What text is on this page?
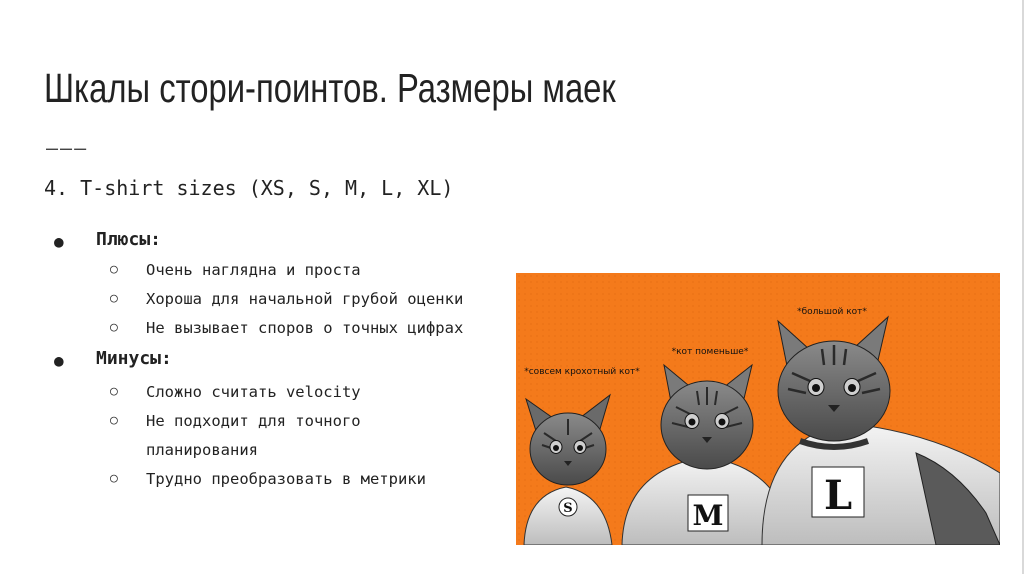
Шкалы стори-поинтов. Размеры маек
———
4. T-shirt sizes (XS, S, M, L, XL)
● Плюсы:
○ Очень наглядна и проста
○ Хороша для начальной грубой оценки
○ Не вызывает споров о точных цифрах
● Минусы:
○ Сложно считать velocity
○ Не подходит для точного
планирования
○ Трудно преобразовать в метрики
*совсем крохотный кот*
*кот поменьше*
*большой кот*
S	M	L
